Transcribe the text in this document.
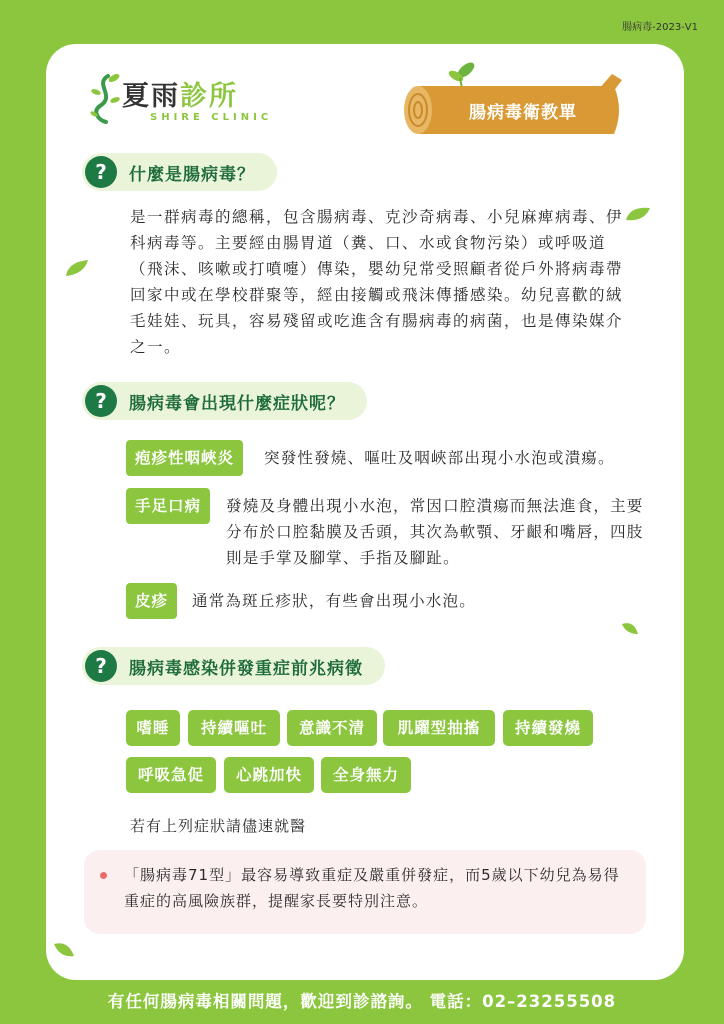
腸病毒-2023-V1
夏雨診所
SHIRE CLINIC	腸病毒衛教單
?	什麼是腸病毒？
是一群病毒的總稱，包含腸病毒、克沙奇病毒、小兒麻痺病毒、伊科病毒等。主要經由腸胃道（糞、口、水或食物污染）或呼吸道（飛沫、咳嗽或打噴嚏）傳染，嬰幼兒常受照顧者從戶外將病毒帶回家中或在學校群聚等，經由接觸或飛沫傳播感染。幼兒喜歡的絨毛娃娃、玩具，容易殘留或吃進含有腸病毒的病菌，也是傳染媒介之一。
?	腸病毒會出現什麼症狀呢？
疱疹性咽峽炎	突發性發燒、嘔吐及咽峽部出現小水泡或潰瘍。
手足口病	發燒及身體出現小水泡，常因口腔潰瘍而無法進食，主要分布於口腔黏膜及舌頭，其次為軟顎、牙齦和嘴唇，四肢則是手掌及腳掌、手指及腳趾。
皮疹	通常為斑丘疹狀，有些會出現小水泡。
?	腸病毒感染併發重症前兆病徵
嗜睡	持續嘔吐	意識不清	肌躍型抽搐	持續發燒
呼吸急促	心跳加快	全身無力
若有上列症狀請儘速就醫
「腸病毒71型」最容易導致重症及嚴重併發症，而5歲以下幼兒為易得重症的高風險族群，提醒家長要特別注意。
有任何腸病毒相關問題，歡迎到診諮詢。 電話：02–23255508
